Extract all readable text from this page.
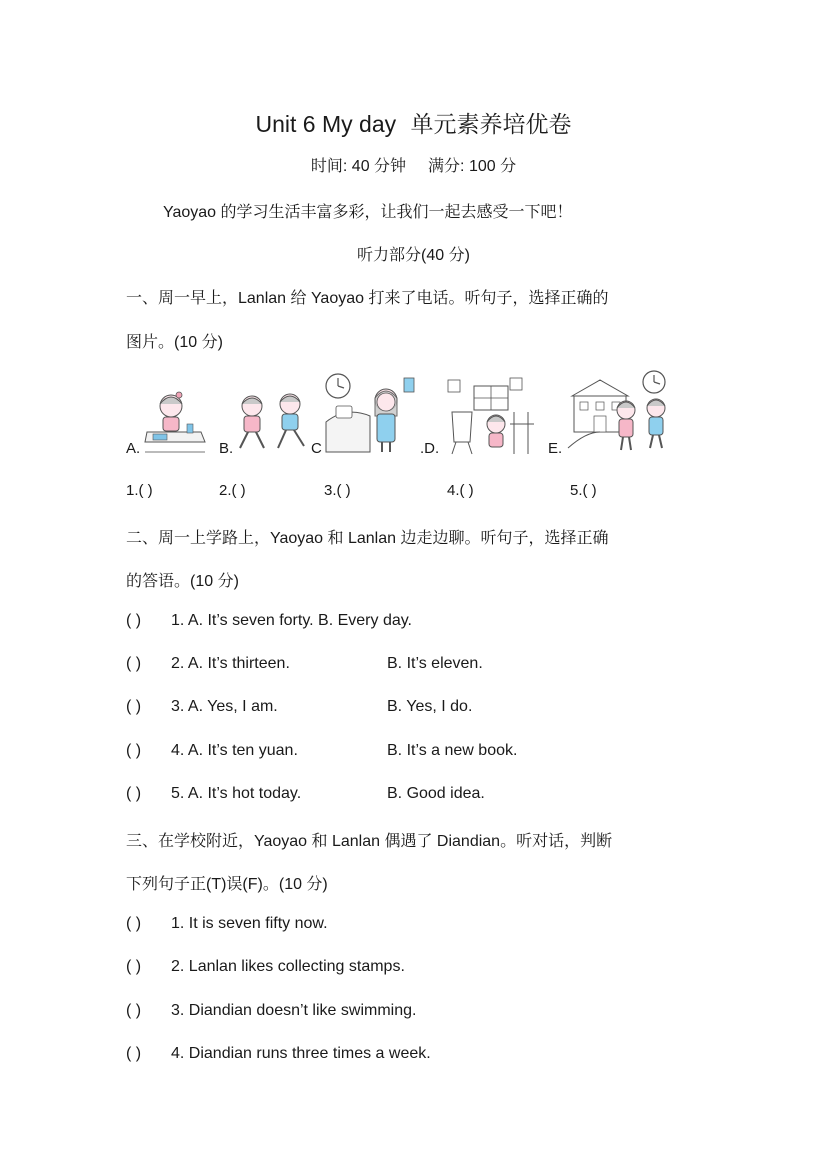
Unit 6 My day 单元素养培优卷
时间: 40 分钟 满分: 100 分
Yaoyao 的学习生活丰富多彩，让我们一起去感受一下吧！
听力部分(40 分)
一、周一早上，Lanlan 给 Yaoyao 打来了电话。听句子，选择正确的
图片。(10 分)
A.	B.	C	.D.	E.
1.( )	2.( )	3.( )	4.( )	5.( )
二、周一上学路上，Yaoyao 和 Lanlan 边走边聊。听句子，选择正确
的答语。(10 分)
( ) 1. A. It’s seven forty. B. Every day.
( ) 2. A. It’s thirteen.	B. It’s eleven.
( ) 3. A. Yes, I am.	B. Yes, I do.
( ) 4. A. It’s ten yuan.	B. It’s a new book.
( ) 5. A. It’s hot today.	B. Good idea.
三、在学校附近，Yaoyao 和 Lanlan 偶遇了 Diandian。听对话，判断
下列句子正(T)误(F)。(10 分)
( ) 1. It is seven fifty now.
( ) 2. Lanlan likes collecting stamps.
( ) 3. Diandian doesn’t like swimming.
( ) 4. Diandian runs three times a week.
